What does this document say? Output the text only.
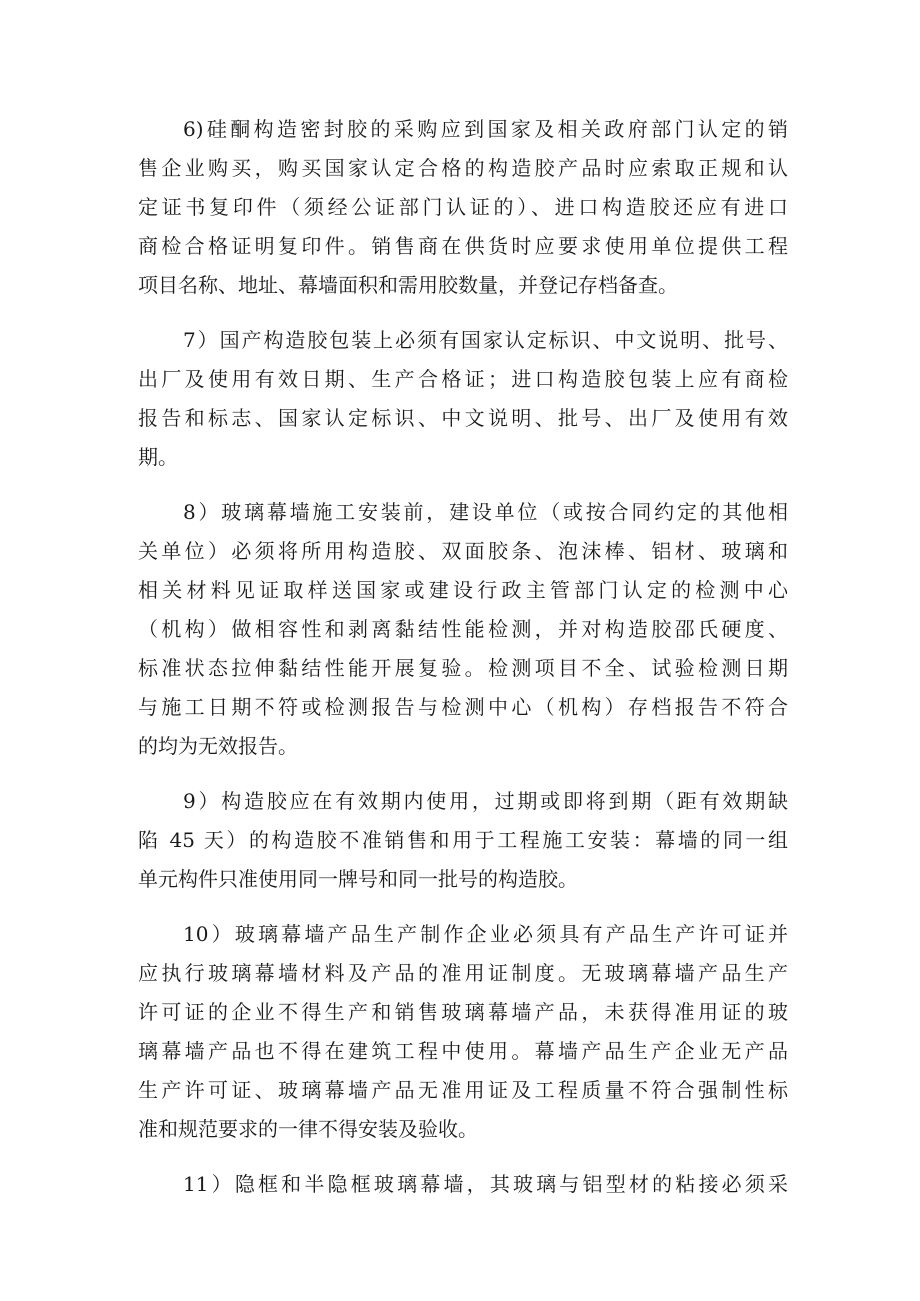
6)硅酮构造密封胶的采购应到国家及相关政府部门认定的销
售企业购买，购买国家认定合格的构造胶产品时应索取正规和认
定证书复印件（须经公证部门认证的）、进口构造胶还应有进口
商检合格证明复印件。销售商在供货时应要求使用单位提供工程
项目名称、地址、幕墙面积和需用胶数量，并登记存档备查。
7）国产构造胶包装上必须有国家认定标识、中文说明、批号、
出厂及使用有效日期、生产合格证；进口构造胶包装上应有商检
报告和标志、国家认定标识、中文说明、批号、出厂及使用有效
期。
8）玻璃幕墙施工安装前，建设单位（或按合同约定的其他相
关单位）必须将所用构造胶、双面胶条、泡沫棒、铝材、玻璃和
相关材料见证取样送国家或建设行政主管部门认定的检测中心
（机构）做相容性和剥离黏结性能检测，并对构造胶邵氏硬度、
标准状态拉伸黏结性能开展复验。检测项目不全、试验检测日期
与施工日期不符或检测报告与检测中心（机构）存档报告不符合
的均为无效报告。
9）构造胶应在有效期内使用，过期或即将到期（距有效期缺
陷 45 天）的构造胶不准销售和用于工程施工安装：幕墙的同一组
单元构件只准使用同一牌号和同一批号的构造胶。
10）玻璃幕墙产品生产制作企业必须具有产品生产许可证并
应执行玻璃幕墙材料及产品的准用证制度。无玻璃幕墙产品生产
许可证的企业不得生产和销售玻璃幕墙产品，未获得准用证的玻
璃幕墙产品也不得在建筑工程中使用。幕墙产品生产企业无产品
生产许可证、玻璃幕墙产品无准用证及工程质量不符合强制性标
准和规范要求的一律不得安装及验收。
11）隐框和半隐框玻璃幕墙，其玻璃与铝型材的粘接必须采
